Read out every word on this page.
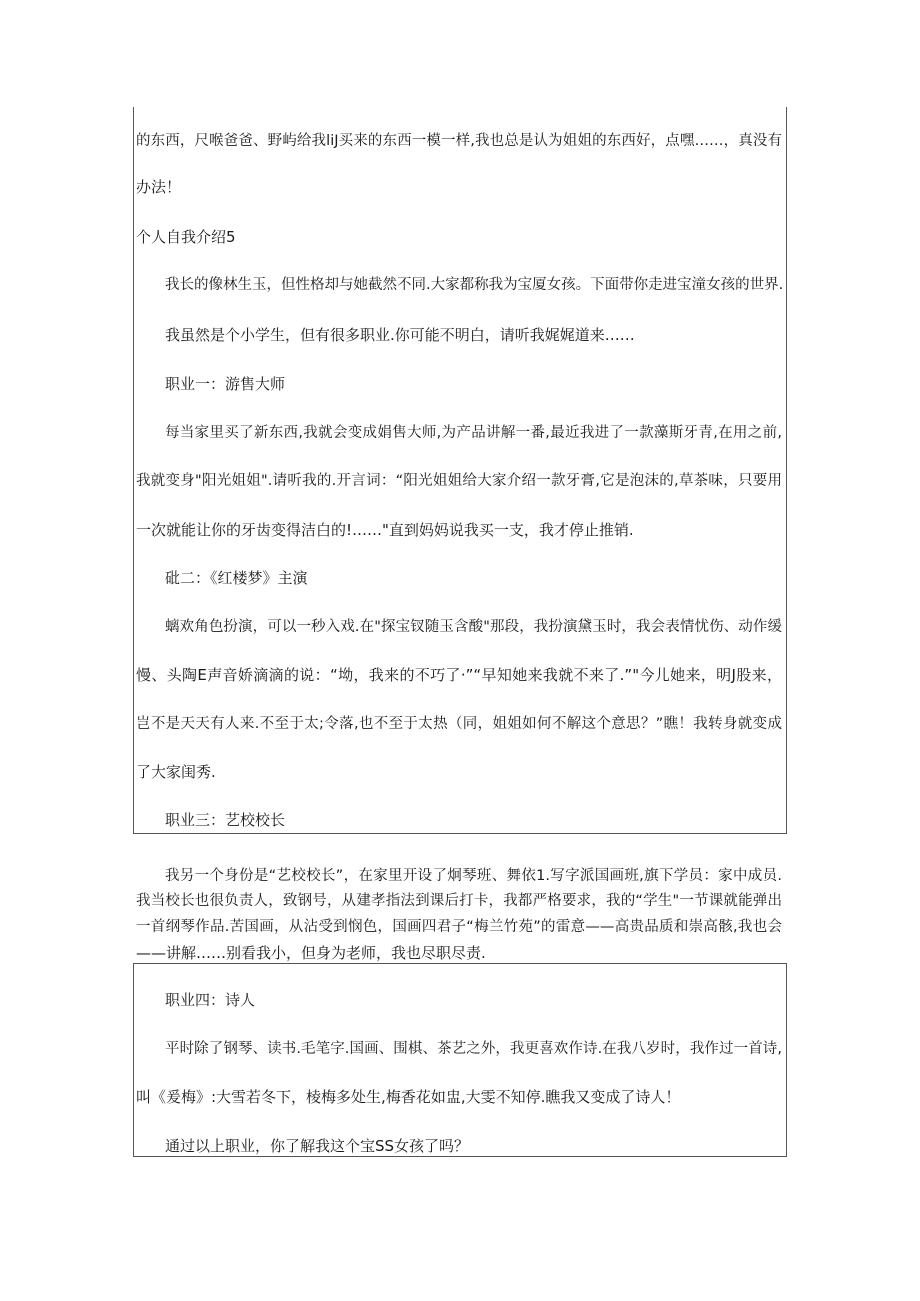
的东西，尺喉爸爸、野屿给我liJ买来的东西一模一样,我也总是认为姐姐的东西好，点嘿……，真没有
办法！
个人自我介绍5
我长的像林生玉，但性格却与她截然不同.大家都称我为宝厦女孩。下面带你走进宝潼女孩的世界.
我虽然是个小学生，但有很多职业.你可能不明白，请听我娓娓道来……
职业一：游售大师
每当家里买了新东西,我就会变成娟售大师,为产品讲解一番,最近我进了一款藻斯牙青,在用之前,
我就变身"阳光姐姐".请听我的.开言词：“阳光姐姐给大家介绍一款牙膏,它是泡沫的,草茶味，只要用
一次就能让你的牙齿变得洁白的!……"直到妈妈说我买一支，我才停止推销.
砒二：《红楼梦》主演
螭欢角色扮演，可以一秒入戏.在"探宝钗随玉含酸"那段，我扮演黛玉时，我会表情忧伤、动作缓
慢、头陶E声音娇滴滴的说：“坳，我来的不巧了·”“早知她来我就不来了.”"今儿她来，明J股来，
岂不是天天有人来.不至于太;令落,也不至于太热（同，姐姐如何不解这个意思？”瞧！我转身就变成
了大家闺秀.
职业三：艺校校长
我另一个身份是“艺校校长”，在家里开设了炯琴班、舞依1.写字派国画班,旗下学员：家中成员.
我当校长也很负责人，致钢号，从建孝指法到课后打卡，我都严格要求，我的“学生"一节课就能弹出
一首纲琴作品.苦国画，从沾受到悯色，国画四君子“梅兰竹苑”的雷意——高贵品质和崇高骸,我也会
——讲解……别看我小，但身为老师，我也尽职尽责.
职业四：诗人
平时除了钢琴、读书.毛笔字.国画、围棋、茶艺之外，我更喜欢作诗.在我八岁时，我作过一首诗,
叫《爰梅》:大雪若冬下，棱梅多处生,梅香花如盅,大雯不知停.瞧我又变成了诗人！
通过以上职业，你了解我这个宝SS女孩了吗？
